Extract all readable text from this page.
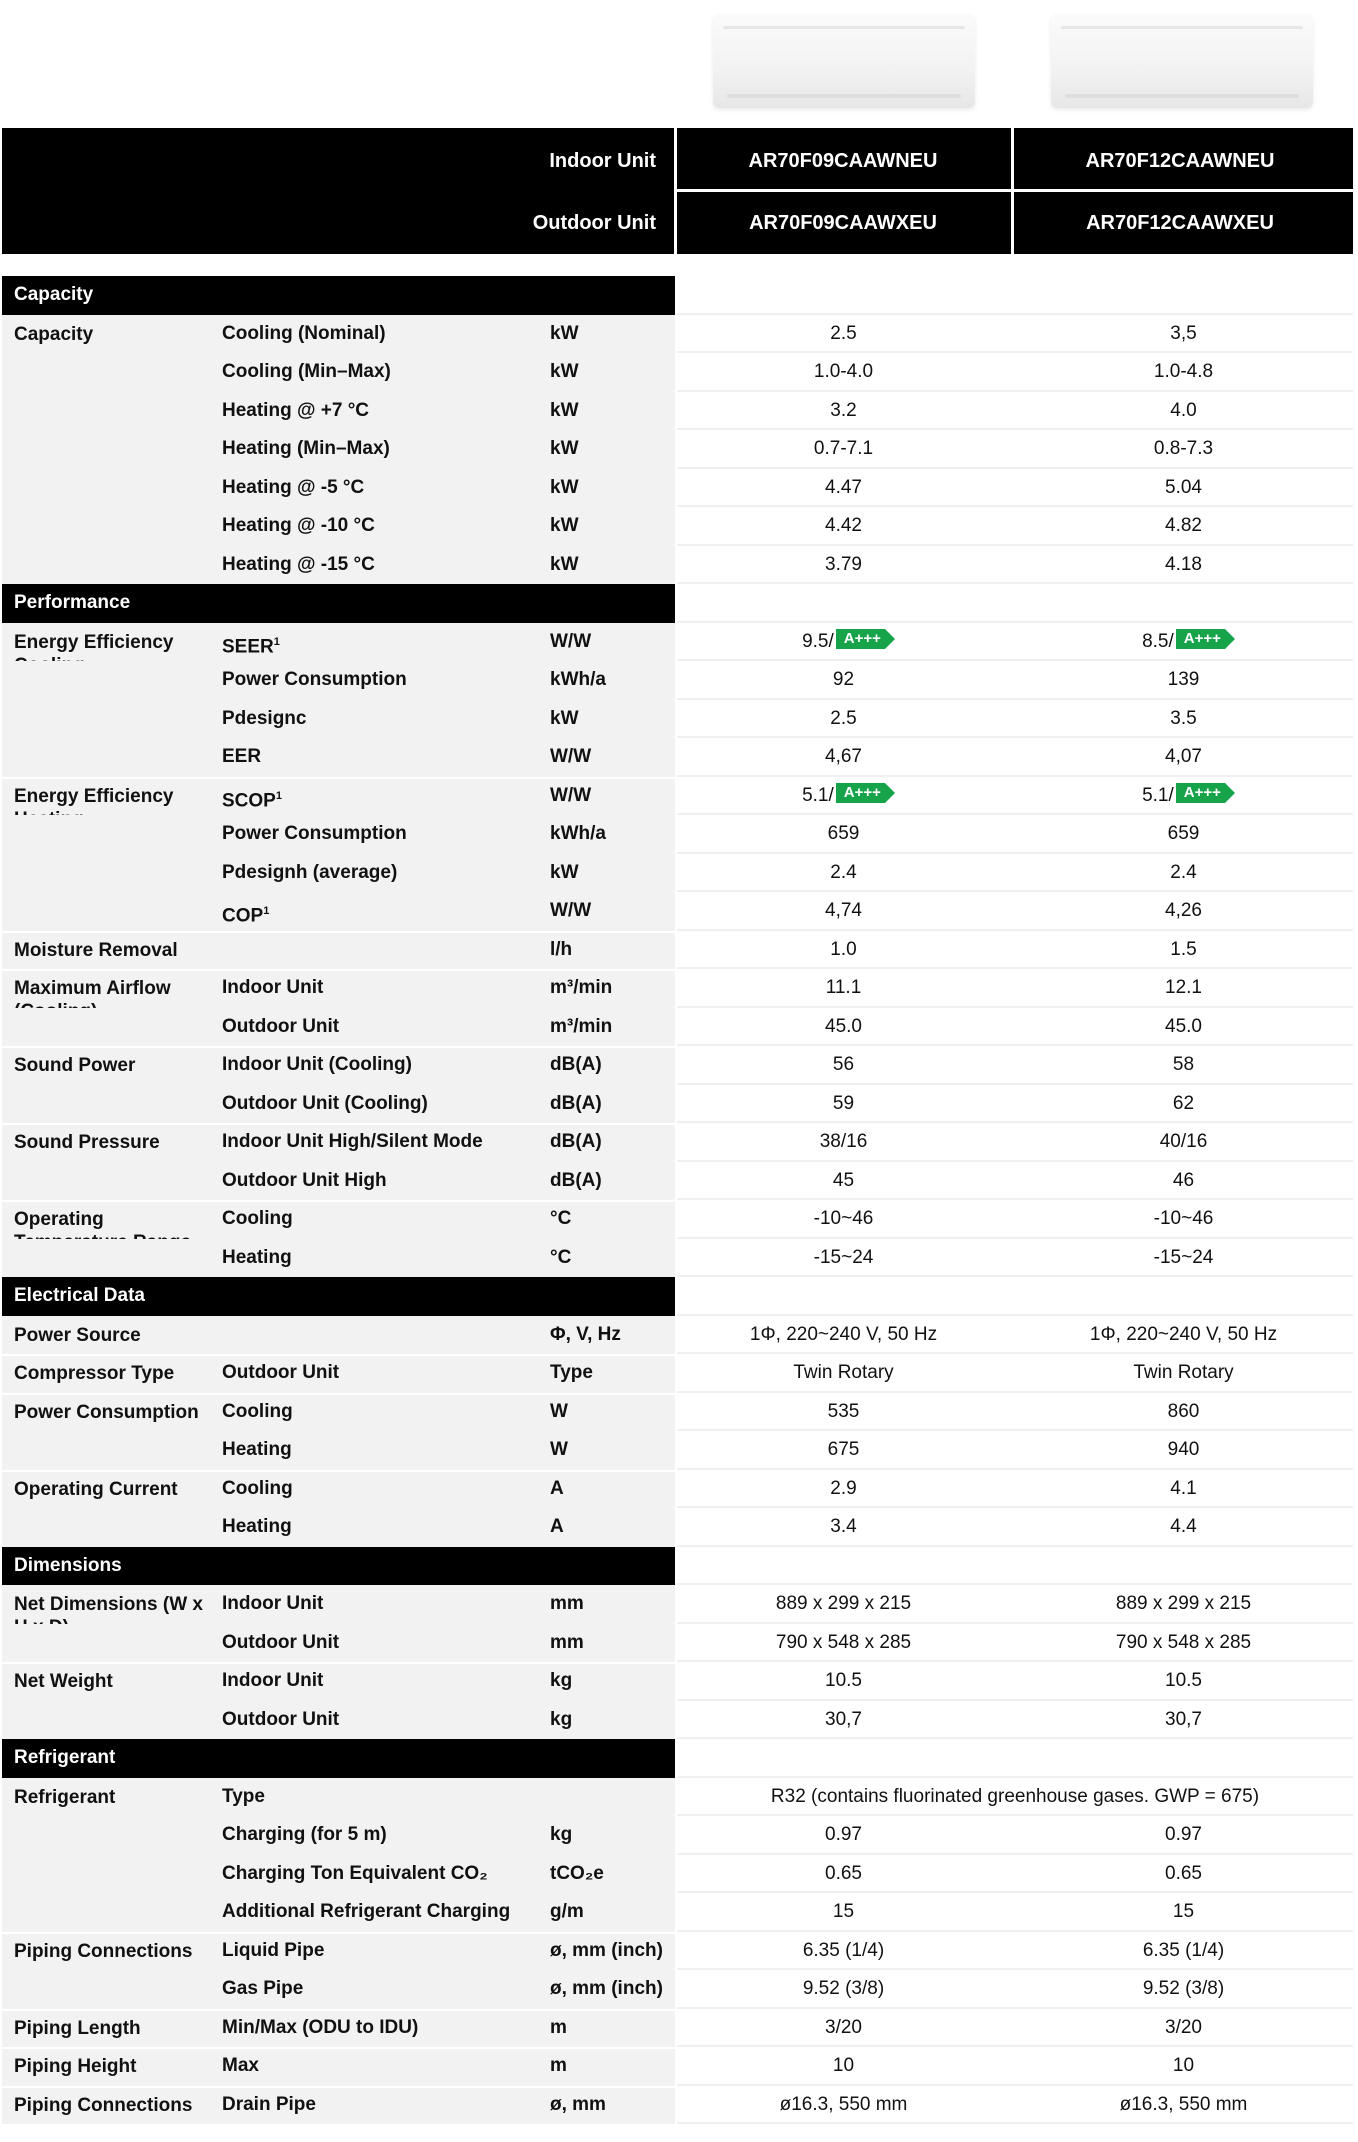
Indoor Unit
Outdoor Unit
AR70F09CAAWNEU	AR70F12CAAWNEU
AR70F09CAAWXEU	AR70F12CAAWXEU
Capacity
Capacity	Cooling (Nominal)	kW	2.5	3,5
Cooling (Min–Max)	kW	1.0-4.0	1.0-4.8
Heating @ +7 °C	kW	3.2	4.0
Heating (Min–Max)	kW	0.7-7.1	0.8-7.3
Heating @ -5 °C	kW	4.47	5.04
Heating @ -10 °C	kW	4.42	4.82
Heating @ -15 °C	kW	3.79	4.18
Performance
Energy Efficiency	SEER$^1$	W/W	9.5/ A+++	8.5/ A+++
Power Consumption	kWh/a	92	139
Pdesignc	kW	2.5	3.5
EER	W/W	4,67	4,07
Energy Efficiency	SCOP$^1$	W/W	5.1/ A+++	5.1/ A+++
Power Consumption	kWh/a	659	659
Pdesignh (average)	kW	2.4	2.4
COP$^1$	W/W	4,74	4,26
Moisture Removal	l/h	1.0	1.5
Maximum Airflow	Indoor Unit	m³/min	11.1	12.1
Outdoor Unit	m³/min	45.0	45.0
Sound Power	Indoor Unit (Cooling)	dB(A)	56	58
Outdoor Unit (Cooling)	dB(A)	59	62
Sound Pressure	Indoor Unit High/Silent Mode	dB(A)	38/16	40/16
Outdoor Unit High	dB(A)	45	46
Operating	Cooling	°C	-10~46	-10~46
Heating	°C	-15~24	-15~24
Electrical Data
Power Source	Φ, V, Hz	1Φ, 220~240 V, 50 Hz	1Φ, 220~240 V, 50 Hz
Compressor Type	Outdoor Unit	Type	Twin Rotary	Twin Rotary
Power Consumption	Cooling	W	535	860
Heating	W	675	940
Operating Current	Cooling	A	2.9	4.1
Heating	A	3.4	4.4
Dimensions
Net Dimensions (W x	Indoor Unit	mm	889 x 299 x 215	889 x 299 x 215
Outdoor Unit	mm	790 x 548 x 285	790 x 548 x 285
Net Weight	Indoor Unit	kg	10.5	10.5
Outdoor Unit	kg	30,7	30,7
Refrigerant
Refrigerant	Type	R32 (contains fluorinated greenhouse gases. GWP = 675)
Charging (for 5 m)	kg	0.97	0.97
Charging Ton Equivalent CO₂	tCO₂e	0.65	0.65
Additional Refrigerant Charging g/m	15	15
Piping Connections	Liquid Pipe	ø, mm (inch)	6.35 (1/4)	6.35 (1/4)
Gas Pipe	ø, mm (inch)	9.52 (3/8)	9.52 (3/8)
Piping Length	Min/Max (ODU to IDU)	m	3/20	3/20
Piping Height	Max	m	10	10
Piping Connections	Drain Pipe	ø, mm	ø16.3, 550 mm	ø16.3, 550 mm
